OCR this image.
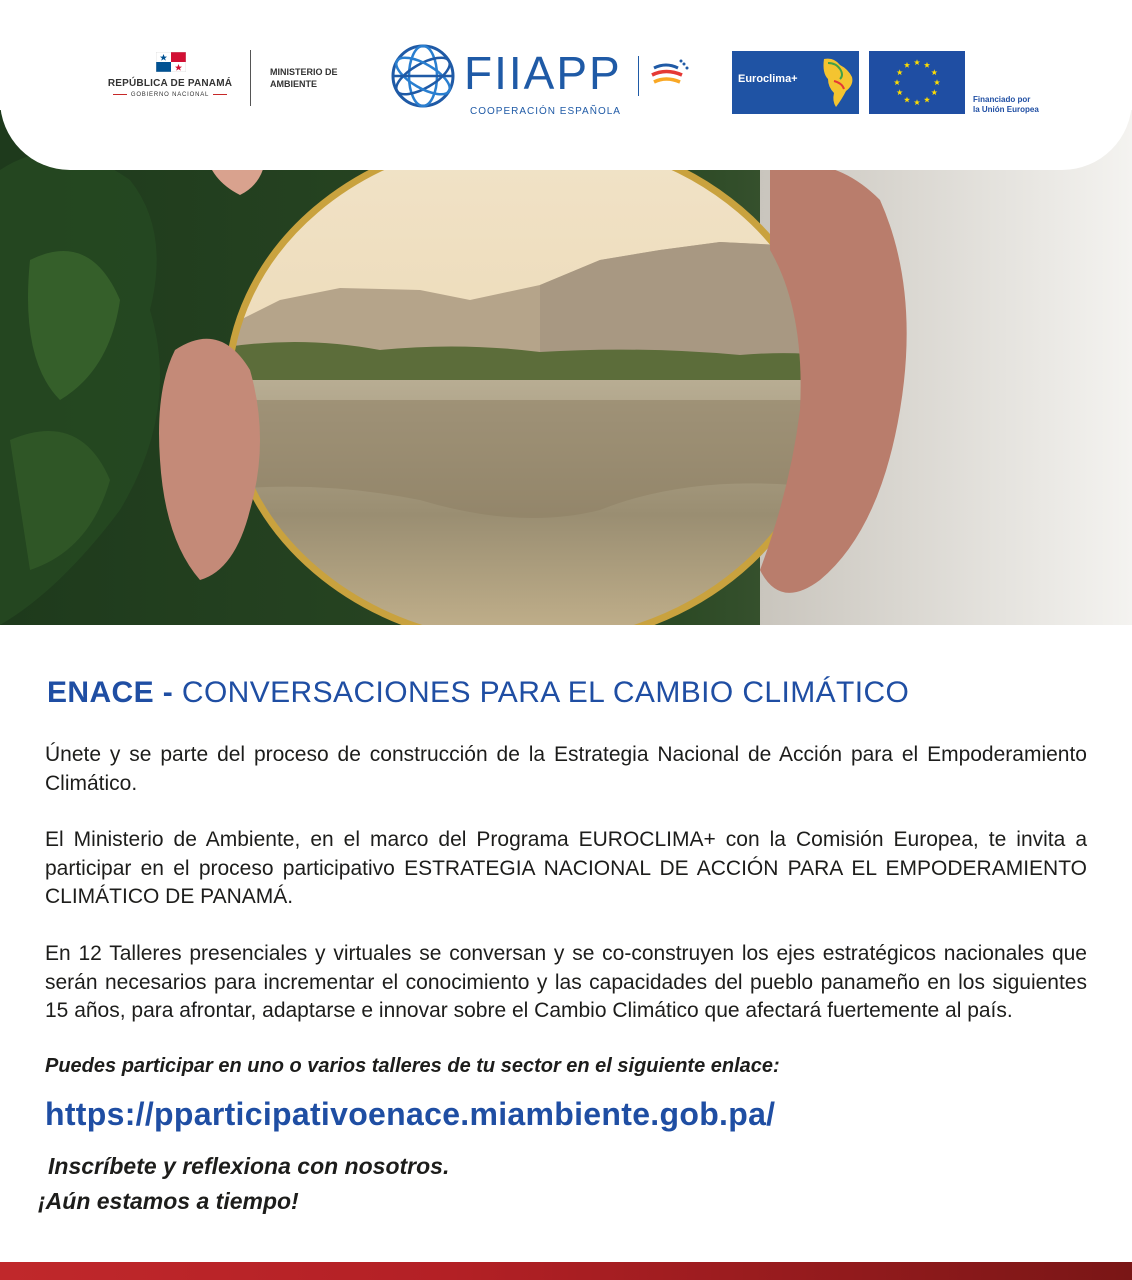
REPÚBLICA DE PANAMÁ
GOBIERNO NACIONAL
MINISTERIO DE
AMBIENTE	FIIAPP
COOPERACIÓN ESPAÑOLA
Euroclima+
Financiado por
la Unión Europea
ENACE - CONVERSACIONES PARA EL CAMBIO CLIMÁTICO

Únete y se parte del proceso de construcción de la Estrategia Nacional de Acción para el Empoderamiento Climático.

El Ministerio de Ambiente, en el marco del Programa EUROCLIMA+ con la Comisión Europea, te invita a participar en el proceso participativo ESTRATEGIA NACIONAL DE ACCIÓN PARA EL EMPODERAMIENTO CLIMÁTICO DE PANAMÁ.

En 12 Talleres presenciales y virtuales se conversan y se co-construyen los ejes estratégicos nacionales que serán necesarios para incrementar el conocimiento y las capacidades del pueblo panameño en los siguientes 15 años, para afrontar, adaptarse e innovar sobre el Cambio Climático que afectará fuertemente al país.

Puedes participar en uno o varios talleres de tu sector en el siguiente enlace:
https://pparticipativoenace.miambiente.gob.pa/
Inscríbete y reflexiona con nosotros.
¡Aún estamos a tiempo!
